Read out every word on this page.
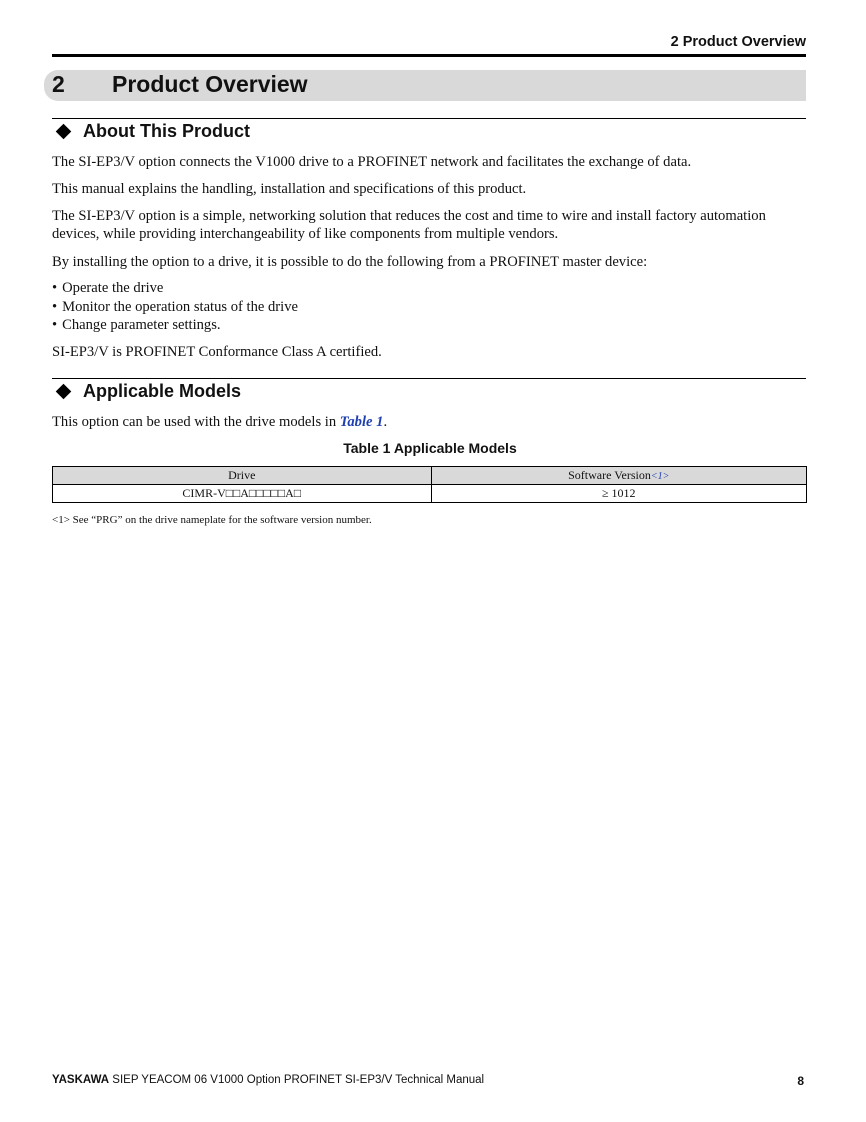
2 Product Overview
2 Product Overview
About This Product
The SI-EP3/V option connects the V1000 drive to a PROFINET network and facilitates the exchange of data.
This manual explains the handling, installation and specifications of this product.
The SI-EP3/V option is a simple, networking solution that reduces the cost and time to wire and install factory automation devices, while providing interchangeability of like components from multiple vendors.
By installing the option to a drive, it is possible to do the following from a PROFINET master device:
• Operate the drive
• Monitor the operation status of the drive
• Change parameter settings.
SI-EP3/V is PROFINET Conformance Class A certified.
Applicable Models
This option can be used with the drive models in Table 1.
Table 1 Applicable Models
Drive	Software Version<1>
CIMR-V□□A□□□□□A□	≥ 1012
<1> See “PRG” on the drive nameplate for the software version number.
YASKAWA SIEP YEACOM 06 V1000 Option PROFINET SI-EP3/V Technical Manual	8
